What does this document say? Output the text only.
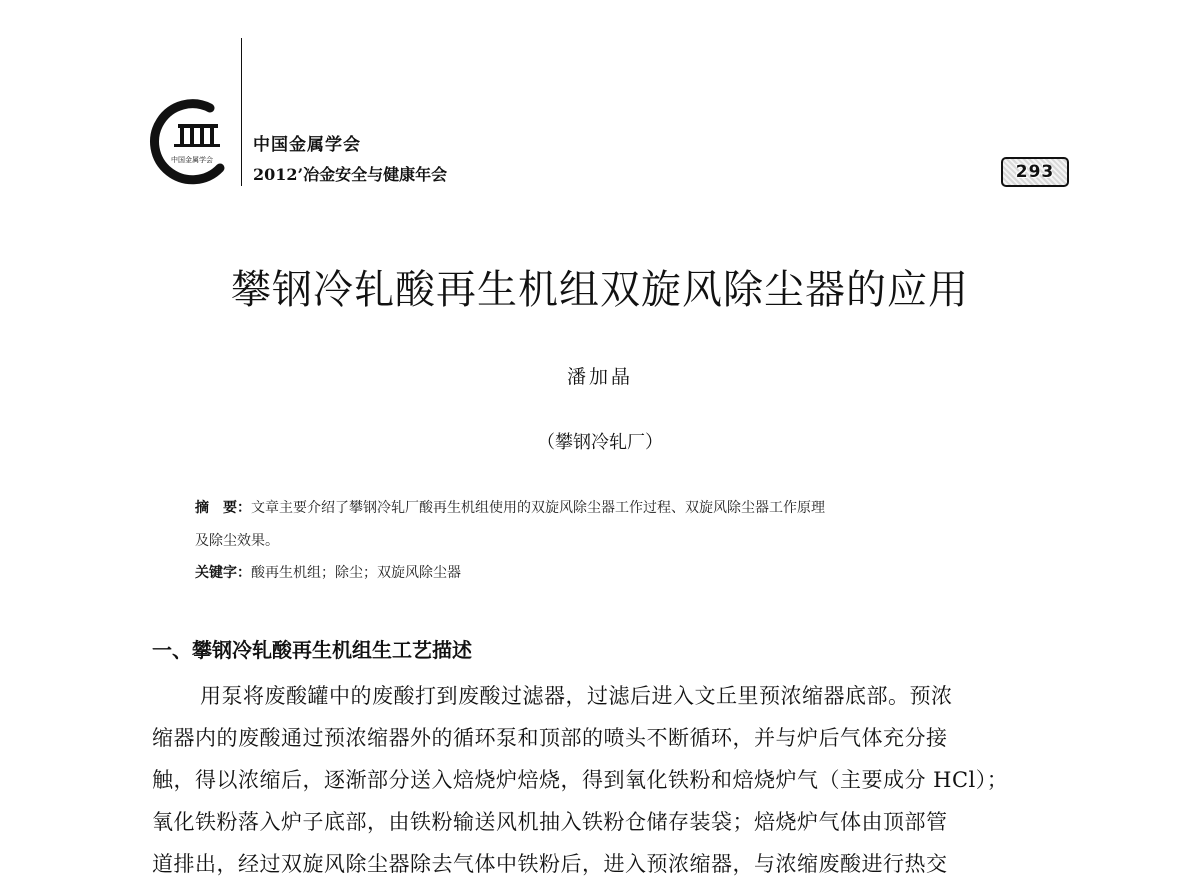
中国金属学会
中国金属学会
2012’冶金安全与健康年会	293
攀钢冷轧酸再生机组双旋风除尘器的应用
潘加晶
（攀钢冷轧厂）
摘　要：文章主要介绍了攀钢冷轧厂酸再生机组使用的双旋风除尘器工作过程、双旋风除尘器工作原理
及除尘效果。
关键字：酸再生机组；除尘；双旋风除尘器
一、攀钢冷轧酸再生机组生工艺描述
用泵将废酸罐中的废酸打到废酸过滤器，过滤后进入文丘里预浓缩器底部。预浓
缩器内的废酸通过预浓缩器外的循环泵和顶部的喷头不断循环，并与炉后气体充分接
触，得以浓缩后，逐渐部分送入焙烧炉焙烧，得到氧化铁粉和焙烧炉气（主要成分 HCl）；
氧化铁粉落入炉子底部，由铁粉输送风机抽入铁粉仓储存装袋；焙烧炉气体由顶部管
道排出，经过双旋风除尘器除去气体中铁粉后，进入预浓缩器，与浓缩废酸进行热交
